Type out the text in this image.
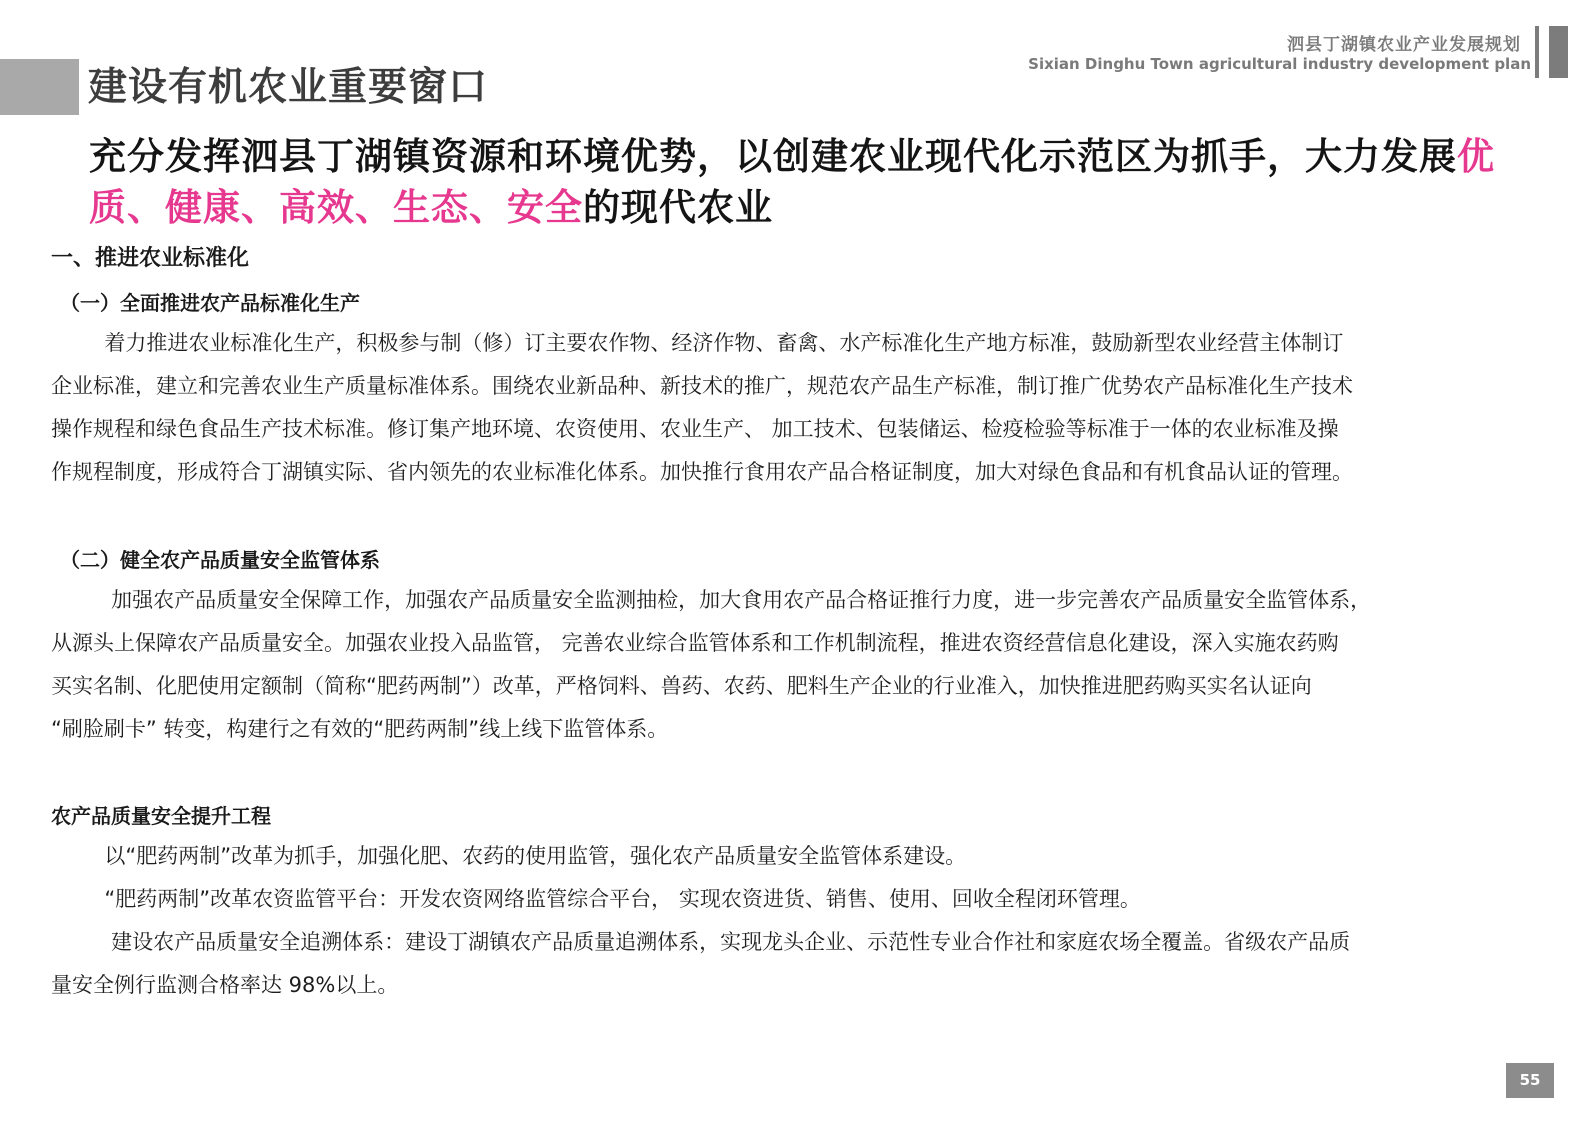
建设有机农业重要窗口
泗县丁湖镇农业产业发展规划
Sixian Dinghu Town agricultural industry development plan
充分发挥泗县丁湖镇资源和环境优势，以创建农业现代化示范区为抓手，大力发展优质、健康、高效、生态、安全的现代农业
一、推进农业标准化
（一）全面推进农产品标准化生产
着力推进农业标准化生产，积极参与制（修）订主要农作物、经济作物、畜禽、水产标准化生产地方标准，鼓励新型农业经营主体制订
企业标准，建立和完善农业生产质量标准体系。围绕农业新品种、新技术的推广，规范农产品生产标准，制订推广优势农产品标准化生产技术
操作规程和绿色食品生产技术标准。修订集产地环境、农资使用、农业生产、 加工技术、包装储运、检疫检验等标准于一体的农业标准及操
作规程制度，形成符合丁湖镇实际、省内领先的农业标准化体系。加快推行食用农产品合格证制度，加大对绿色食品和有机食品认证的管理。
（二）健全农产品质量安全监管体系
加强农产品质量安全保障工作，加强农产品质量安全监测抽检，加大食用农产品合格证推行力度，进一步完善农产品质量安全监管体系，
从源头上保障农产品质量安全。加强农业投入品监管， 完善农业综合监管体系和工作机制流程，推进农资经营信息化建设，深入实施农药购
买实名制、化肥使用定额制（简称“肥药两制”）改革，严格饲料、兽药、农药、肥料生产企业的行业准入，加快推进肥药购买实名认证向
“刷脸刷卡” 转变，构建行之有效的“肥药两制”线上线下监管体系。
农产品质量安全提升工程
以“肥药两制”改革为抓手，加强化肥、农药的使用监管，强化农产品质量安全监管体系建设。
“肥药两制”改革农资监管平台：开发农资网络监管综合平台， 实现农资进货、销售、使用、回收全程闭环管理。
建设农产品质量安全追溯体系：建设丁湖镇农产品质量追溯体系，实现龙头企业、示范性专业合作社和家庭农场全覆盖。省级农产品质
量安全例行监测合格率达 98%以上。
55
